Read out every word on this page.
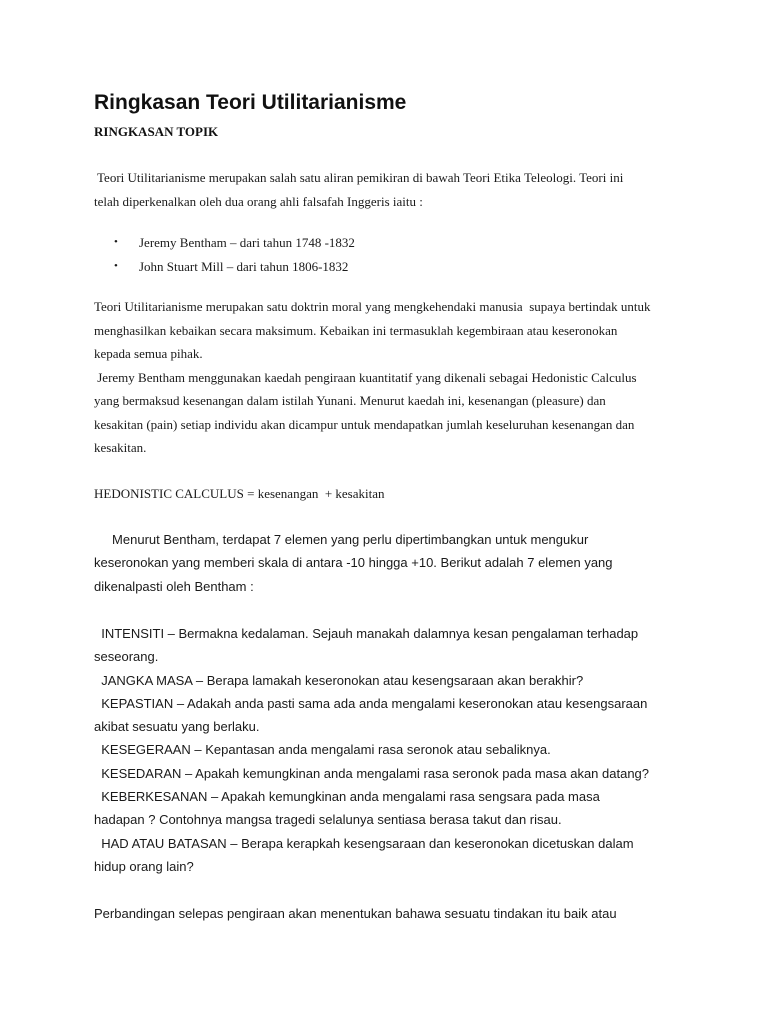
Ringkasan Teori Utilitarianisme
RINGKASAN TOPIK
Teori Utilitarianisme merupakan salah satu aliran pemikiran di bawah Teori Etika Teleologi. Teori ini
telah diperkenalkan oleh dua orang ahli falsafah Inggeris iaitu :
• Jeremy Bentham – dari tahun 1748 -1832
• John Stuart Mill – dari tahun 1806-1832
Teori Utilitarianisme merupakan satu doktrin moral yang mengkehendaki manusia  supaya bertindak untuk
menghasilkan kebaikan secara maksimum. Kebaikan ini termasuklah kegembiraan atau keseronokan
kepada semua pihak.
Jeremy Bentham menggunakan kaedah pengiraan kuantitatif yang dikenali sebagai Hedonistic Calculus
yang bermaksud kesenangan dalam istilah Yunani. Menurut kaedah ini, kesenangan (pleasure) dan
kesakitan (pain) setiap individu akan dicampur untuk mendapatkan jumlah keseluruhan kesenangan dan
kesakitan.
HEDONISTIC CALCULUS = kesenangan  + kesakitan
Menurut Bentham, terdapat 7 elemen yang perlu dipertimbangkan untuk mengukur
keseronokan yang memberi skala di antara -10 hingga +10. Berikut adalah 7 elemen yang
dikenalpasti oleh Bentham :
INTENSITI – Bermakna kedalaman. Sejauh manakah dalamnya kesan pengalaman terhadap
seseorang.
JANGKA MASA – Berapa lamakah keseronokan atau kesengsaraan akan berakhir?
KEPASTIAN – Adakah anda pasti sama ada anda mengalami keseronokan atau kesengsaraan
akibat sesuatu yang berlaku.
KESEGERAAN – Kepantasan anda mengalami rasa seronok atau sebaliknya.
KESEDARAN – Apakah kemungkinan anda mengalami rasa seronok pada masa akan datang?
KEBERKESANAN – Apakah kemungkinan anda mengalami rasa sengsara pada masa
hadapan ? Contohnya mangsa tragedi selalunya sentiasa berasa takut dan risau.
HAD ATAU BATASAN – Berapa kerapkah kesengsaraan dan keseronokan dicetuskan dalam
hidup orang lain?
Perbandingan selepas pengiraan akan menentukan bahawa sesuatu tindakan itu baik atau
